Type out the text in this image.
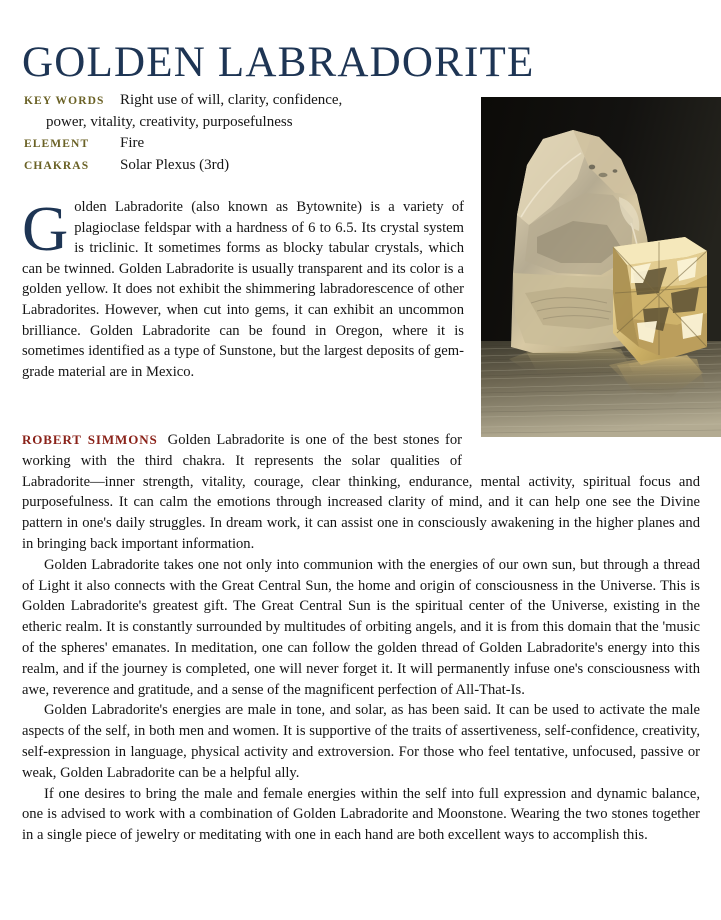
GOLDEN LABRADORITE
KEY WORDS	Right use of will, clarity, confidence,
power, vitality, creativity, purposefulness
ELEMENT	Fire
CHAKRAS	Solar Plexus (3rd)
Golden Labradorite (also known as Bytownite) is a variety of plagioclase feldspar with a hardness of 6 to 6.5. Its crystal system is triclinic. It sometimes forms as blocky tabular crystals, which can be twinned. Golden Labradorite is usually transparent and its color is a golden yellow. It does not exhibit the shimmering labradorescence of other Labradorites. However, when cut into gems, it can exhibit an uncommon brilliance. Golden Labradorite can be found in Oregon, where it is sometimes identified as a type of Sunstone, but the largest deposits of gem-grade material are in Mexico.

ROBERT SIMMONS Golden Labradorite is one of the best stones for working with the third chakra. It represents the solar qualities of Labradorite—inner strength, vitality, courage, clear thinking, endurance, mental activity, spiritual focus and purposefulness. It can calm the emotions through increased clarity of mind, and it can help one see the Divine pattern in one's daily struggles. In dream work, it can assist one in consciously awakening in the higher planes and in bringing back important information.

Golden Labradorite takes one not only into communion with the energies of our own sun, but through a thread of Light it also connects with the Great Central Sun, the home and origin of consciousness in the Universe. This is Golden Labradorite's greatest gift. The Great Central Sun is the spiritual center of the Universe, existing in the etheric realm. It is constantly surrounded by multitudes of orbiting angels, and it is from this domain that the 'music of the spheres' emanates. In meditation, one can follow the golden thread of Golden Labradorite's energy into this realm, and if the journey is completed, one will never forget it. It will permanently infuse one's consciousness with awe, reverence and gratitude, and a sense of the magnificent perfection of All-That-Is.

Golden Labradorite's energies are male in tone, and solar, as has been said. It can be used to activate the male aspects of the self, in both men and women. It is supportive of the traits of assertiveness, self-confidence, creativity, self-expression in language, physical activity and extroversion. For those who feel tentative, unfocused, passive or weak, Golden Labradorite can be a helpful ally.

If one desires to bring the male and female energies within the self into full expression and dynamic balance, one is advised to work with a combination of Golden Labradorite and Moonstone. Wearing the two stones together in a single piece of jewelry or meditating with one in each hand are both excellent ways to accomplish this.
